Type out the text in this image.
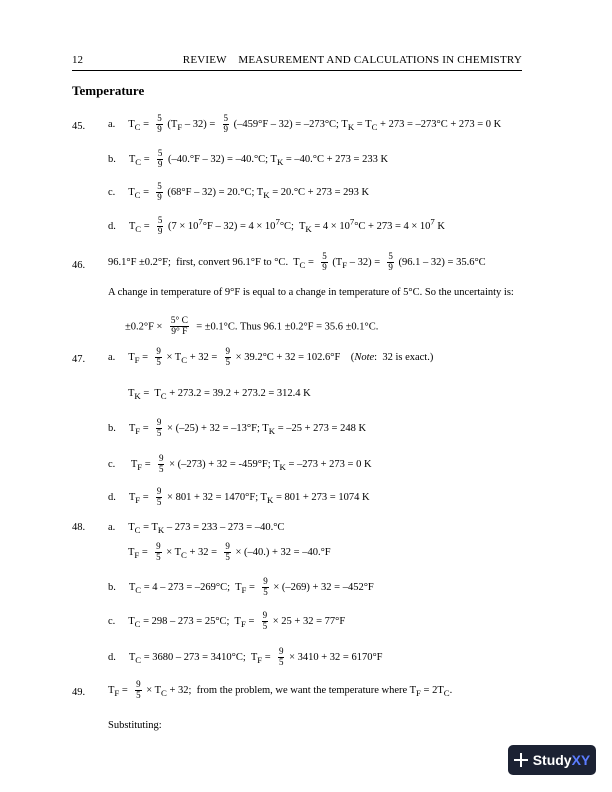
12	REVIEW    MEASUREMENT AND CALCULATIONS IN CHEMISTRY
Temperature
45. a. $T_C = \frac{5}{9} (T_F - 32) = \frac{5}{9} (-459^\circ F - 32) = -273^\circ C$; $T_K = T_C + 273 = -273^\circ C + 273 = 0$ K
b. $T_C = \frac{5}{9} (-40.^\circ F - 32) = -40.^\circ C$; $T_K = -40.^\circ C + 273 = 233$ K
c. $T_C = \frac{5}{9} (68^\circ F - 32) = 20.^\circ C$; $T_K = 20.^\circ C + 273 = 293$ K
d. $T_C = \frac{5}{9} (7 \times 10^7^\circ F - 32) = 4 \times 10^7^\circ C$;  $T_K = 4 \times 10^7^\circ C + 273 = 4 \times 10^7$ K
46. 96.1°F ±0.2°F;  first, convert 96.1°F to °C.  $T_C = \frac{5}{9} (T_F - 32) = \frac{5}{9} (96.1 - 32) = 35.6^\circ C$
A change in temperature of 9°F is equal to a change in temperature of 5°C. So the uncertainty is:
$\pm 0.2^\circ F \times \frac{5^\circ C}{9^\circ F} = \pm 0.1^\circ C$. Thus 96.1 ±0.2°F = 35.6 ±0.1°C.
47. a. $T_F = \frac{9}{5} \times T_C + 32 = \frac{9}{5} \times 39.2^\circ C + 32 = 102.6^\circ F$    (Note:  32 is exact.)
$T_K = T_C + 273.2 = 39.2 + 273.2 = 312.4$ K
b. $T_F = \frac{9}{5} \times (-25) + 32 = -13^\circ F$; $T_K = -25 + 273 = 248$ K
c. $T_F = \frac{9}{5} \times (-273) + 32 = -459^\circ F$; $T_K = -273 + 273 = 0$ K
d. $T_F = \frac{9}{5} \times 801 + 32 = 1470^\circ F$; $T_K = 801 + 273 = 1074$ K
48. a. $T_C = T_K - 273 = 233 - 273 = -40.^\circ C$
$T_F = \frac{9}{5} \times T_C + 32 = \frac{9}{5} \times (-40.) + 32 = -40.^\circ F$
b. $T_C = 4 - 273 = -269^\circ C$;  $T_F = \frac{9}{5} \times (-269) + 32 = -452^\circ F$
c. $T_C = 298 - 273 = 25^\circ C$;  $T_F = \frac{9}{5} \times 25 + 32 = 77^\circ F$
d. $T_C = 3680 - 273 = 3410^\circ C$;  $T_F = \frac{9}{5} \times 3410 + 32 = 6170^\circ F$
49. $T_F = \frac{9}{5} \times T_C + 32$;  from the problem, we want the temperature where $T_F = 2T_C$.
Substituting:
Study XY
